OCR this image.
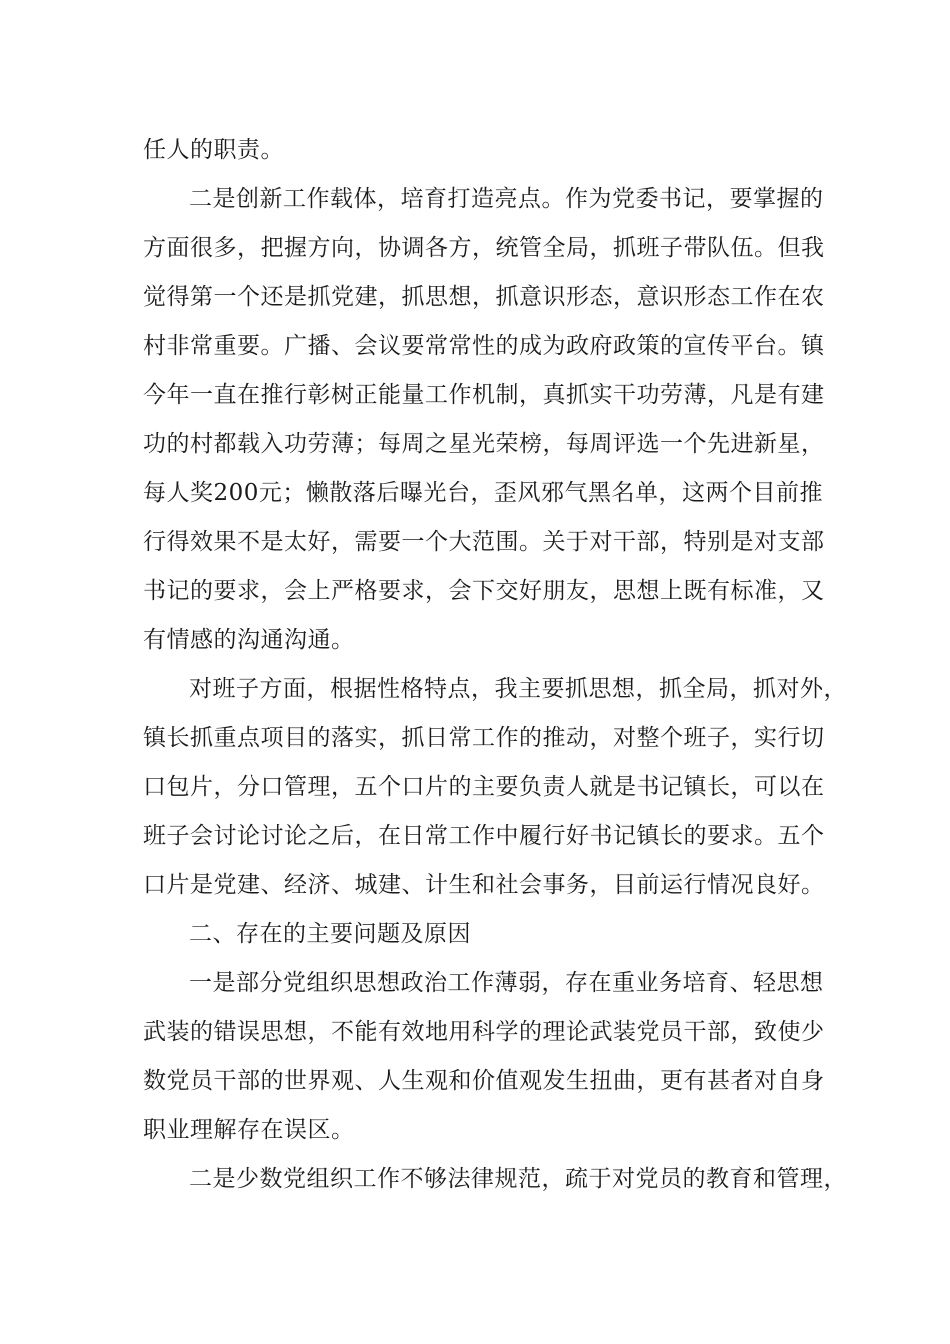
任人的职责。
二是创新工作载体，培育打造亮点。作为党委书记，要掌握的
方面很多，把握方向，协调各方，统管全局，抓班子带队伍。但我
觉得第一个还是抓党建，抓思想，抓意识形态，意识形态工作在农
村非常重要。广播、会议要常常性的成为政府政策的宣传平台。镇
今年一直在推行彰树正能量工作机制，真抓实干功劳薄，凡是有建
功的村都载入功劳薄；每周之星光荣榜，每周评选一个先进新星，
每人奖200元；懒散落后曝光台，歪风邪气黑名单，这两个目前推
行得效果不是太好，需要一个大范围。关于对干部，特别是对支部
书记的要求，会上严格要求，会下交好朋友，思想上既有标准，又
有情感的沟通沟通。
对班子方面，根据性格特点，我主要抓思想，抓全局，抓对外，
镇长抓重点项目的落实，抓日常工作的推动，对整个班子，实行切
口包片，分口管理，五个口片的主要负责人就是书记镇长，可以在
班子会讨论讨论之后，在日常工作中履行好书记镇长的要求。五个
口片是党建、经济、城建、计生和社会事务，目前运行情况良好。
二、存在的主要问题及原因
一是部分党组织思想政治工作薄弱，存在重业务培育、轻思想
武装的错误思想，不能有效地用科学的理论武装党员干部，致使少
数党员干部的世界观、人生观和价值观发生扭曲，更有甚者对自身
职业理解存在误区。
二是少数党组织工作不够法律规范，疏于对党员的教育和管理，
